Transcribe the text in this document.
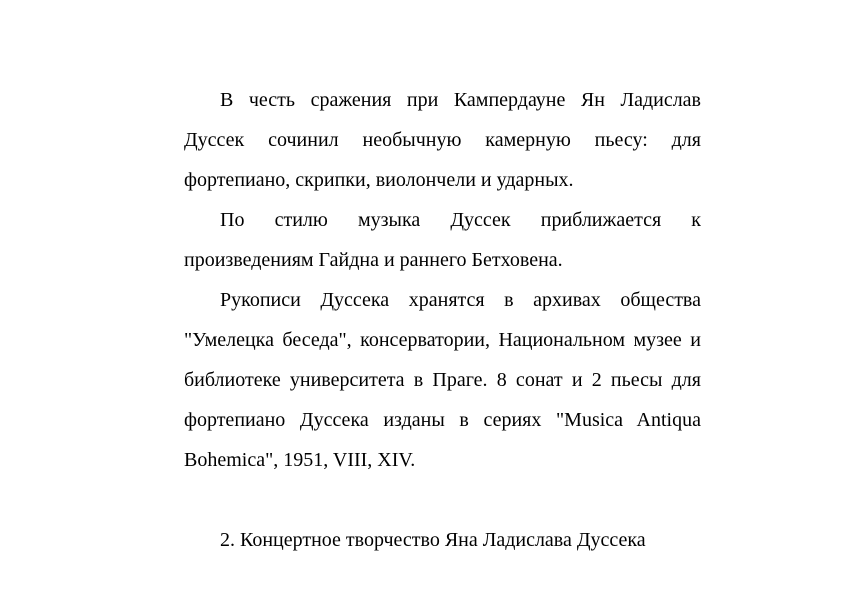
В честь сражения при Кампердауне Ян Ладислав Дуссек сочинил необычную камерную пьесу: для фортепиано, скрипки, виолончели и ударных.

По стилю музыка Дуссек приближается к произведениям Гайдна и раннего Бетховена.

Рукописи Дуссека хранятся в архивах общества "Умелецка беседа", консерватории, Национальном музее и библиотеке университета в Праге. 8 сонат и 2 пьесы для фортепиано Дуссека изданы в сериях "Musica Antiqua Bohemica", 1951, VIII, XIV.

2. Концертное творчество Яна Ладислава Дуссека
